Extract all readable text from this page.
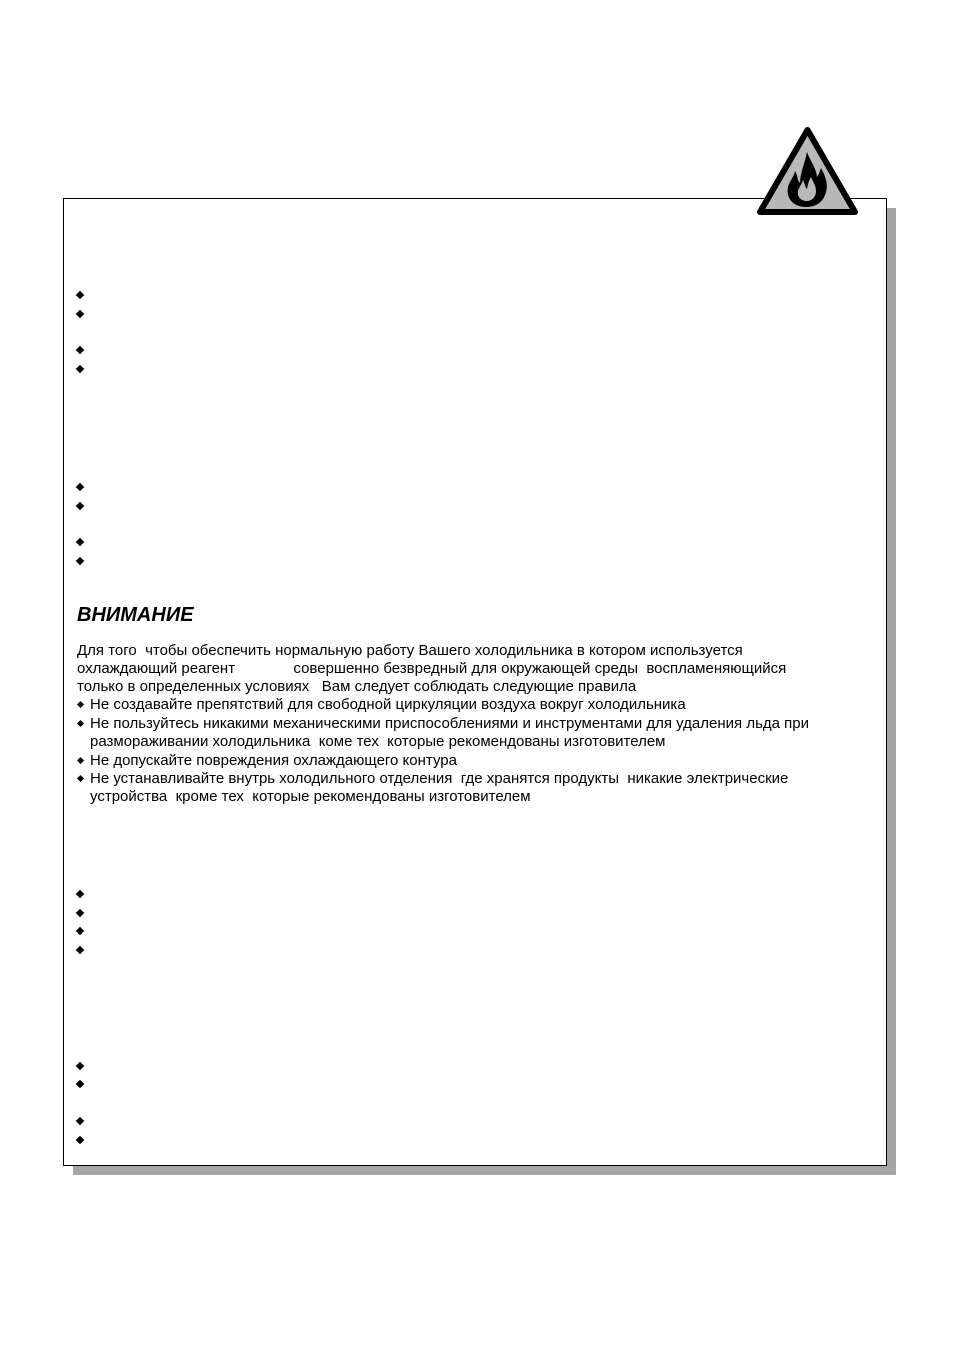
ВНИМАНИЕ
Для того  чтобы обеспечить нормальную работу Вашего холодильника в котором используется
охлаждающий реагент              совершенно безвредный для окружающей среды  воспламеняющийся
только в определенных условиях   Вам следует соблюдать следующие правила
Не создавайте препятствий для свободной циркуляции воздуха вокруг холодильника
Не пользуйтесь никакими механическими приспособлениями и инструментами для удаления льда при
размораживании холодильника  коме тех  которые рекомендованы изготовителем
Не допускайте повреждения охлаждающего контура
Не устанавливайте внутрь холодильного отделения  где хранятся продукты  никакие электрические
устройства  кроме тех  которые рекомендованы изготовителем
